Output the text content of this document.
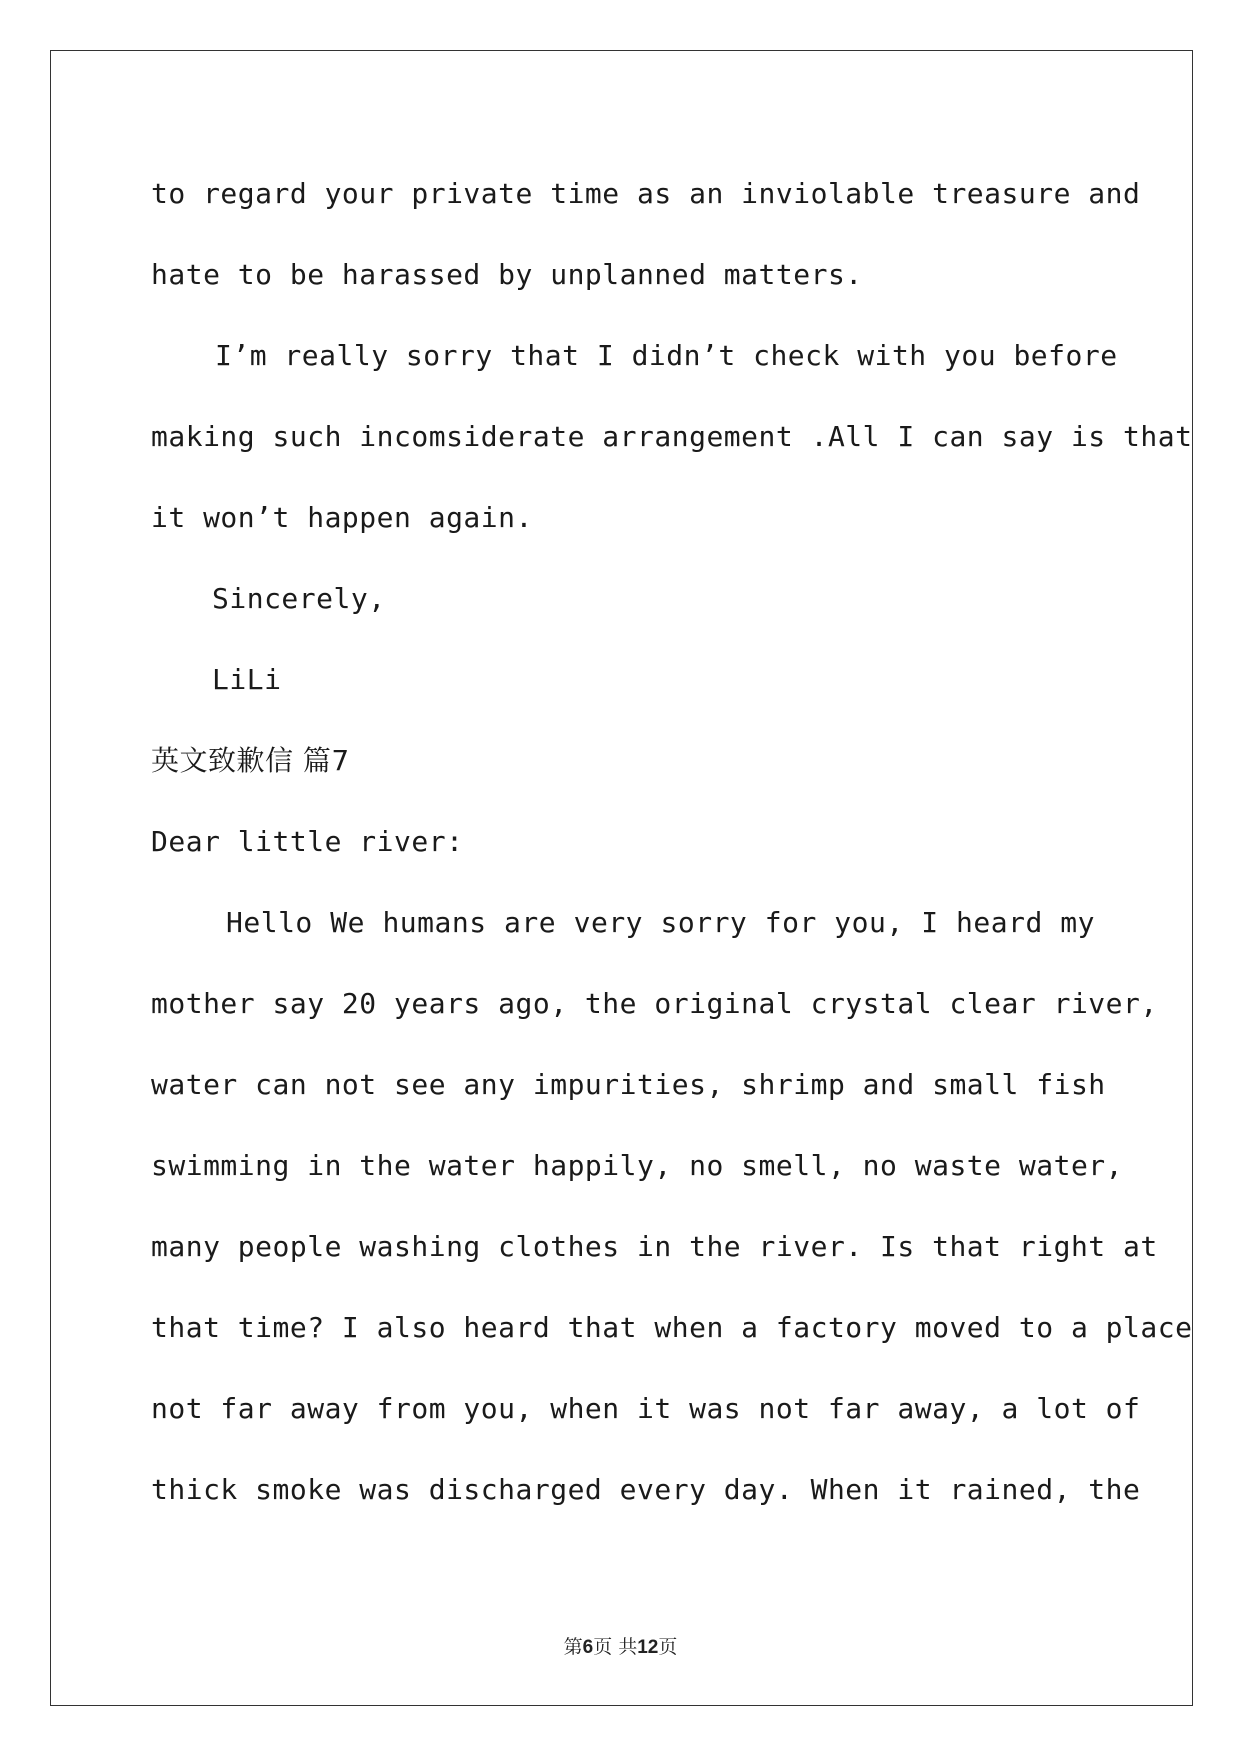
to regard your private time as an inviolable treasure and
hate to be harassed by unplanned matters.
I’m really sorry that I didn’t check with you before
making such incomsiderate arrangement .All I can say is that
it won’t happen again.
Sincerely,
LiLi
英文致歉信 篇7
Dear little river:
Hello We humans are very sorry for you, I heard my
mother say 20 years ago, the original crystal clear river,
water can not see any impurities, shrimp and small fish
swimming in the water happily, no smell, no waste water,
many people washing clothes in the river. Is that right at
that time? I also heard that when a factory moved to a place
not far away from you, when it was not far away, a lot of
thick smoke was discharged every day. When it rained, the
第6页 共12页
